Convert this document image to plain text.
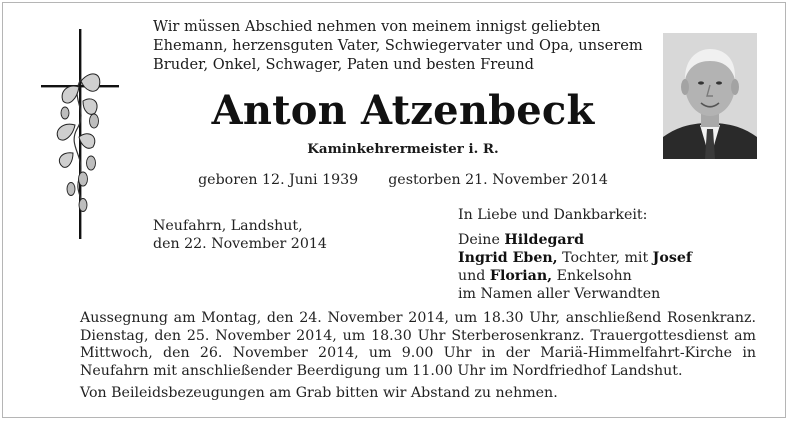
Wir müssen Abschied nehmen von meinem innigst geliebten Ehemann, herzensguten Vater, Schwiegervater und Opa, unserem Bruder, Onkel, Schwager, Paten und besten Freund
Anton Atzenbeck
Kaminkehrermeister i. R.
geboren 12. Juni 1939 gestorben 21. November 2014
Neufahrn, Landshut,
den 22. November 2014
In Liebe und Dankbarkeit:
Deine Hildegard
Ingrid Eben, Tochter, mit Josef
und Florian, Enkelsohn
im Namen aller Verwandten
Aussegnung am Montag, den 24. November 2014, um 18.30 Uhr, anschließend Rosenkranz. Dienstag, den 25. November 2014, um 18.30 Uhr Sterberosenkranz. Trauergottesdienst am Mittwoch, den 26. November 2014, um 9.00 Uhr in der Mariä-Himmelfahrt-Kirche in Neufahrn mit anschließender Beerdigung um 11.00 Uhr im Nordfriedhof Landshut.
Von Beileidsbezeugungen am Grab bitten wir Abstand zu nehmen.
